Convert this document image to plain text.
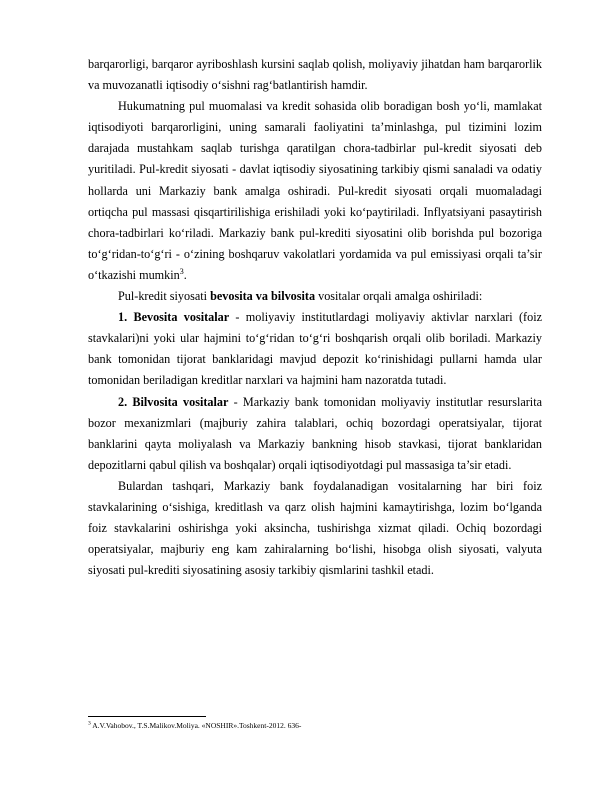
barqarorligi, barqaror ayriboshlash kursini saqlab qolish, moliyaviy jihatdan ham barqarorlik va muvozanatli iqtisodiy o‘sishni rag‘batlantirish hamdir.

Hukumatning pul muomalasi va kredit sohasida olib boradigan bosh yo‘li, mamlakat iqtisodiyoti barqarorligini, uning samarali faoliyatini ta’minlashga, pul tizimini lozim darajada mustahkam saqlab turishga qaratilgan chora-tadbirlar pul-kredit siyosati deb yuritiladi. Pul-kredit siyosati - davlat iqtisodiy siyosatining tarkibiy qismi sanaladi va odatiy hollarda uni Markaziy bank amalga oshiradi. Pul-kredit siyosati orqali muomaladagi ortiqcha pul massasi qisqartirilishiga erishiladi yoki ko‘paytiriladi. Inflyatsiyani pasaytirish chora-tadbirlari ko‘riladi. Markaziy bank pul-krediti siyosatini olib borishda pul bozoriga to‘g‘ridan-to‘g‘ri - o‘zining boshqaruv vakolatlari yordamida va pul emissiyasi orqali ta’sir o‘tkazishi mumkin$^3$.

Pul-kredit siyosati bevosita va bilvosita vositalar orqali amalga oshiriladi:

1. Bevosita vositalar - moliyaviy institutlardagi moliyaviy aktivlar narxlari (foiz stavkalari)ni yoki ular hajmini to‘g‘ridan to‘g‘ri boshqarish orqali olib boriladi. Markaziy bank tomonidan tijorat banklaridagi mavjud depozit ko‘rinishidagi pullarni hamda ular tomonidan beriladigan kreditlar narxlari va hajmini ham nazoratda tutadi.

2. Bilvosita vositalar - Markaziy bank tomonidan moliyaviy institutlar resurslarita bozor mexanizmlari (majburiy zahira talablari, ochiq bozordagi operatsiyalar, tijorat banklarini qayta moliyalash va Markaziy bankning hisob stavkasi, tijorat banklaridan depozitlarni qabul qilish va boshqalar) orqali iqtisodiyotdagi pul massasiga ta’sir etadi.

Bulardan tashqari, Markaziy bank foydalanadigan vositalarning har biri foiz stavkalarining o‘sishiga, kreditlash va qarz olish hajmini kamaytirishga, lozim bo‘lganda foiz stavkalarini oshirishga yoki aksincha, tushirishga xizmat qiladi. Ochiq bozordagi operatsiyalar, majburiy eng kam zahiralarning bo‘lishi, hisobga olish siyosati, valyuta siyosati pul-krediti siyosatining asosiy tarkibiy qismlarini tashkil etadi.

$^3$ A.V.Vahobov., T.S.Malikov.Moliya. «NOSHIR».Toshkent-2012. 636-
